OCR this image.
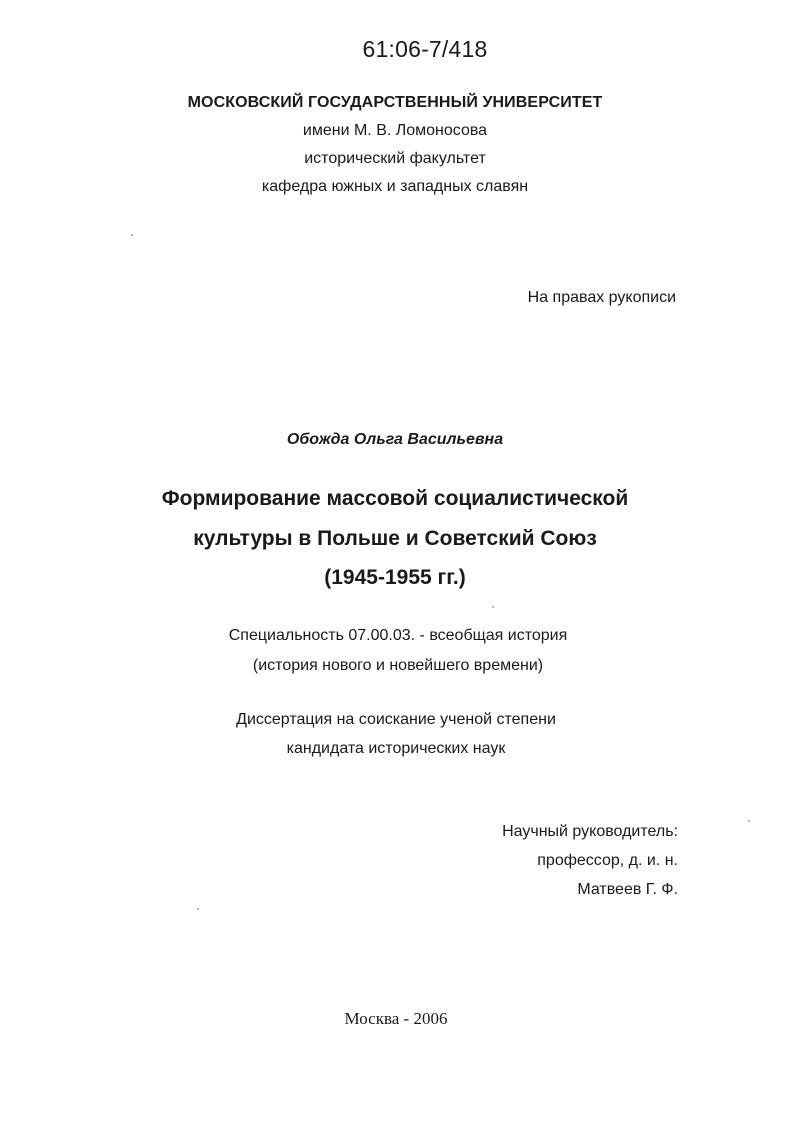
61:06-7/418
МОСКОВСКИЙ ГОСУДАРСТВЕННЫЙ УНИВЕРСИТЕТ
имени М. В. Ломоносова
исторический факультет
кафедра южных и западных славян
На правах рукописи
Обожда Ольга Васильевна
Формирование массовой социалистической
культуры в Польше и Советский Союз
(1945-1955 гг.)
Специальность 07.00.03. - всеобщая история
(история нового и новейшего времени)
Диссертация на соискание ученой степени
кандидата исторических наук
Научный руководитель:
профессор, д. и. н.
Матвеев Г. Ф.
Москва - 2006
